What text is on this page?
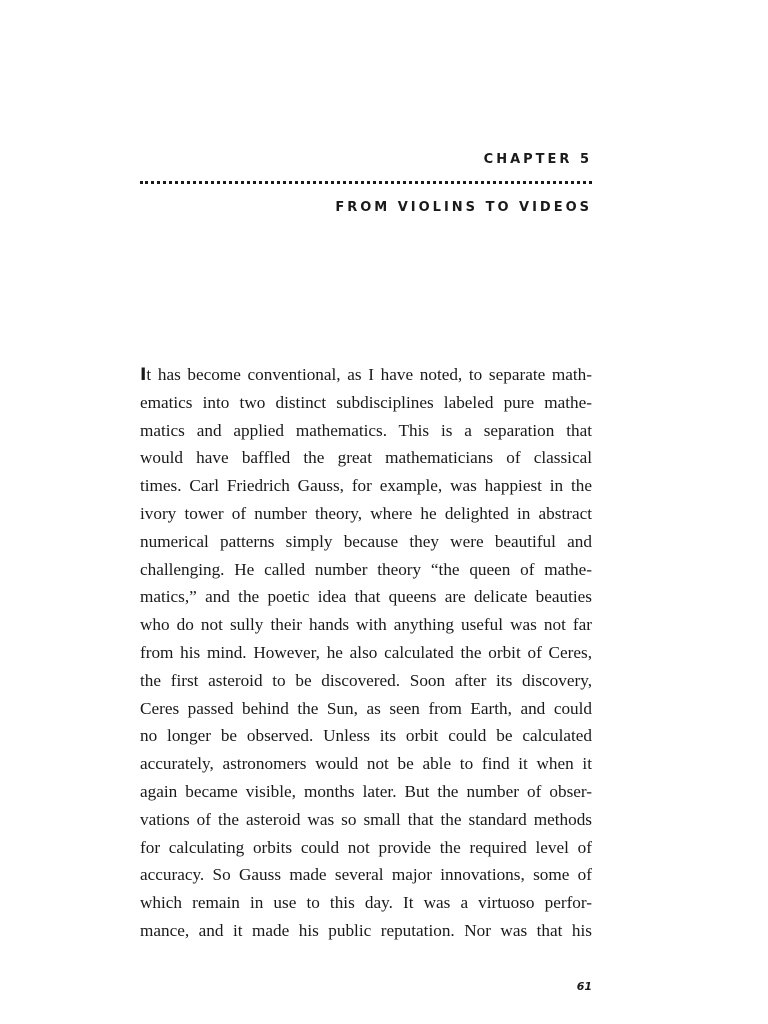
CHAPTER 5
FROM VIOLINS TO VIDEOS
It has become conventional, as I have noted, to separate math-
ematics into two distinct subdisciplines labeled pure mathe-
matics and applied mathematics. This is a separation that
would have baffled the great mathematicians of classical
times. Carl Friedrich Gauss, for example, was happiest in the
ivory tower of number theory, where he delighted in abstract
numerical patterns simply because they were beautiful and
challenging. He called number theory “the queen of mathe-
matics,” and the poetic idea that queens are delicate beauties
who do not sully their hands with anything useful was not far
from his mind. However, he also calculated the orbit of Ceres,
the first asteroid to be discovered. Soon after its discovery,
Ceres passed behind the Sun, as seen from Earth, and could
no longer be observed. Unless its orbit could be calculated
accurately, astronomers would not be able to find it when it
again became visible, months later. But the number of obser-
vations of the asteroid was so small that the standard methods
for calculating orbits could not provide the required level of
accuracy. So Gauss made several major innovations, some of
which remain in use to this day. It was a virtuoso perfor-
mance, and it made his public reputation. Nor was that his
61
